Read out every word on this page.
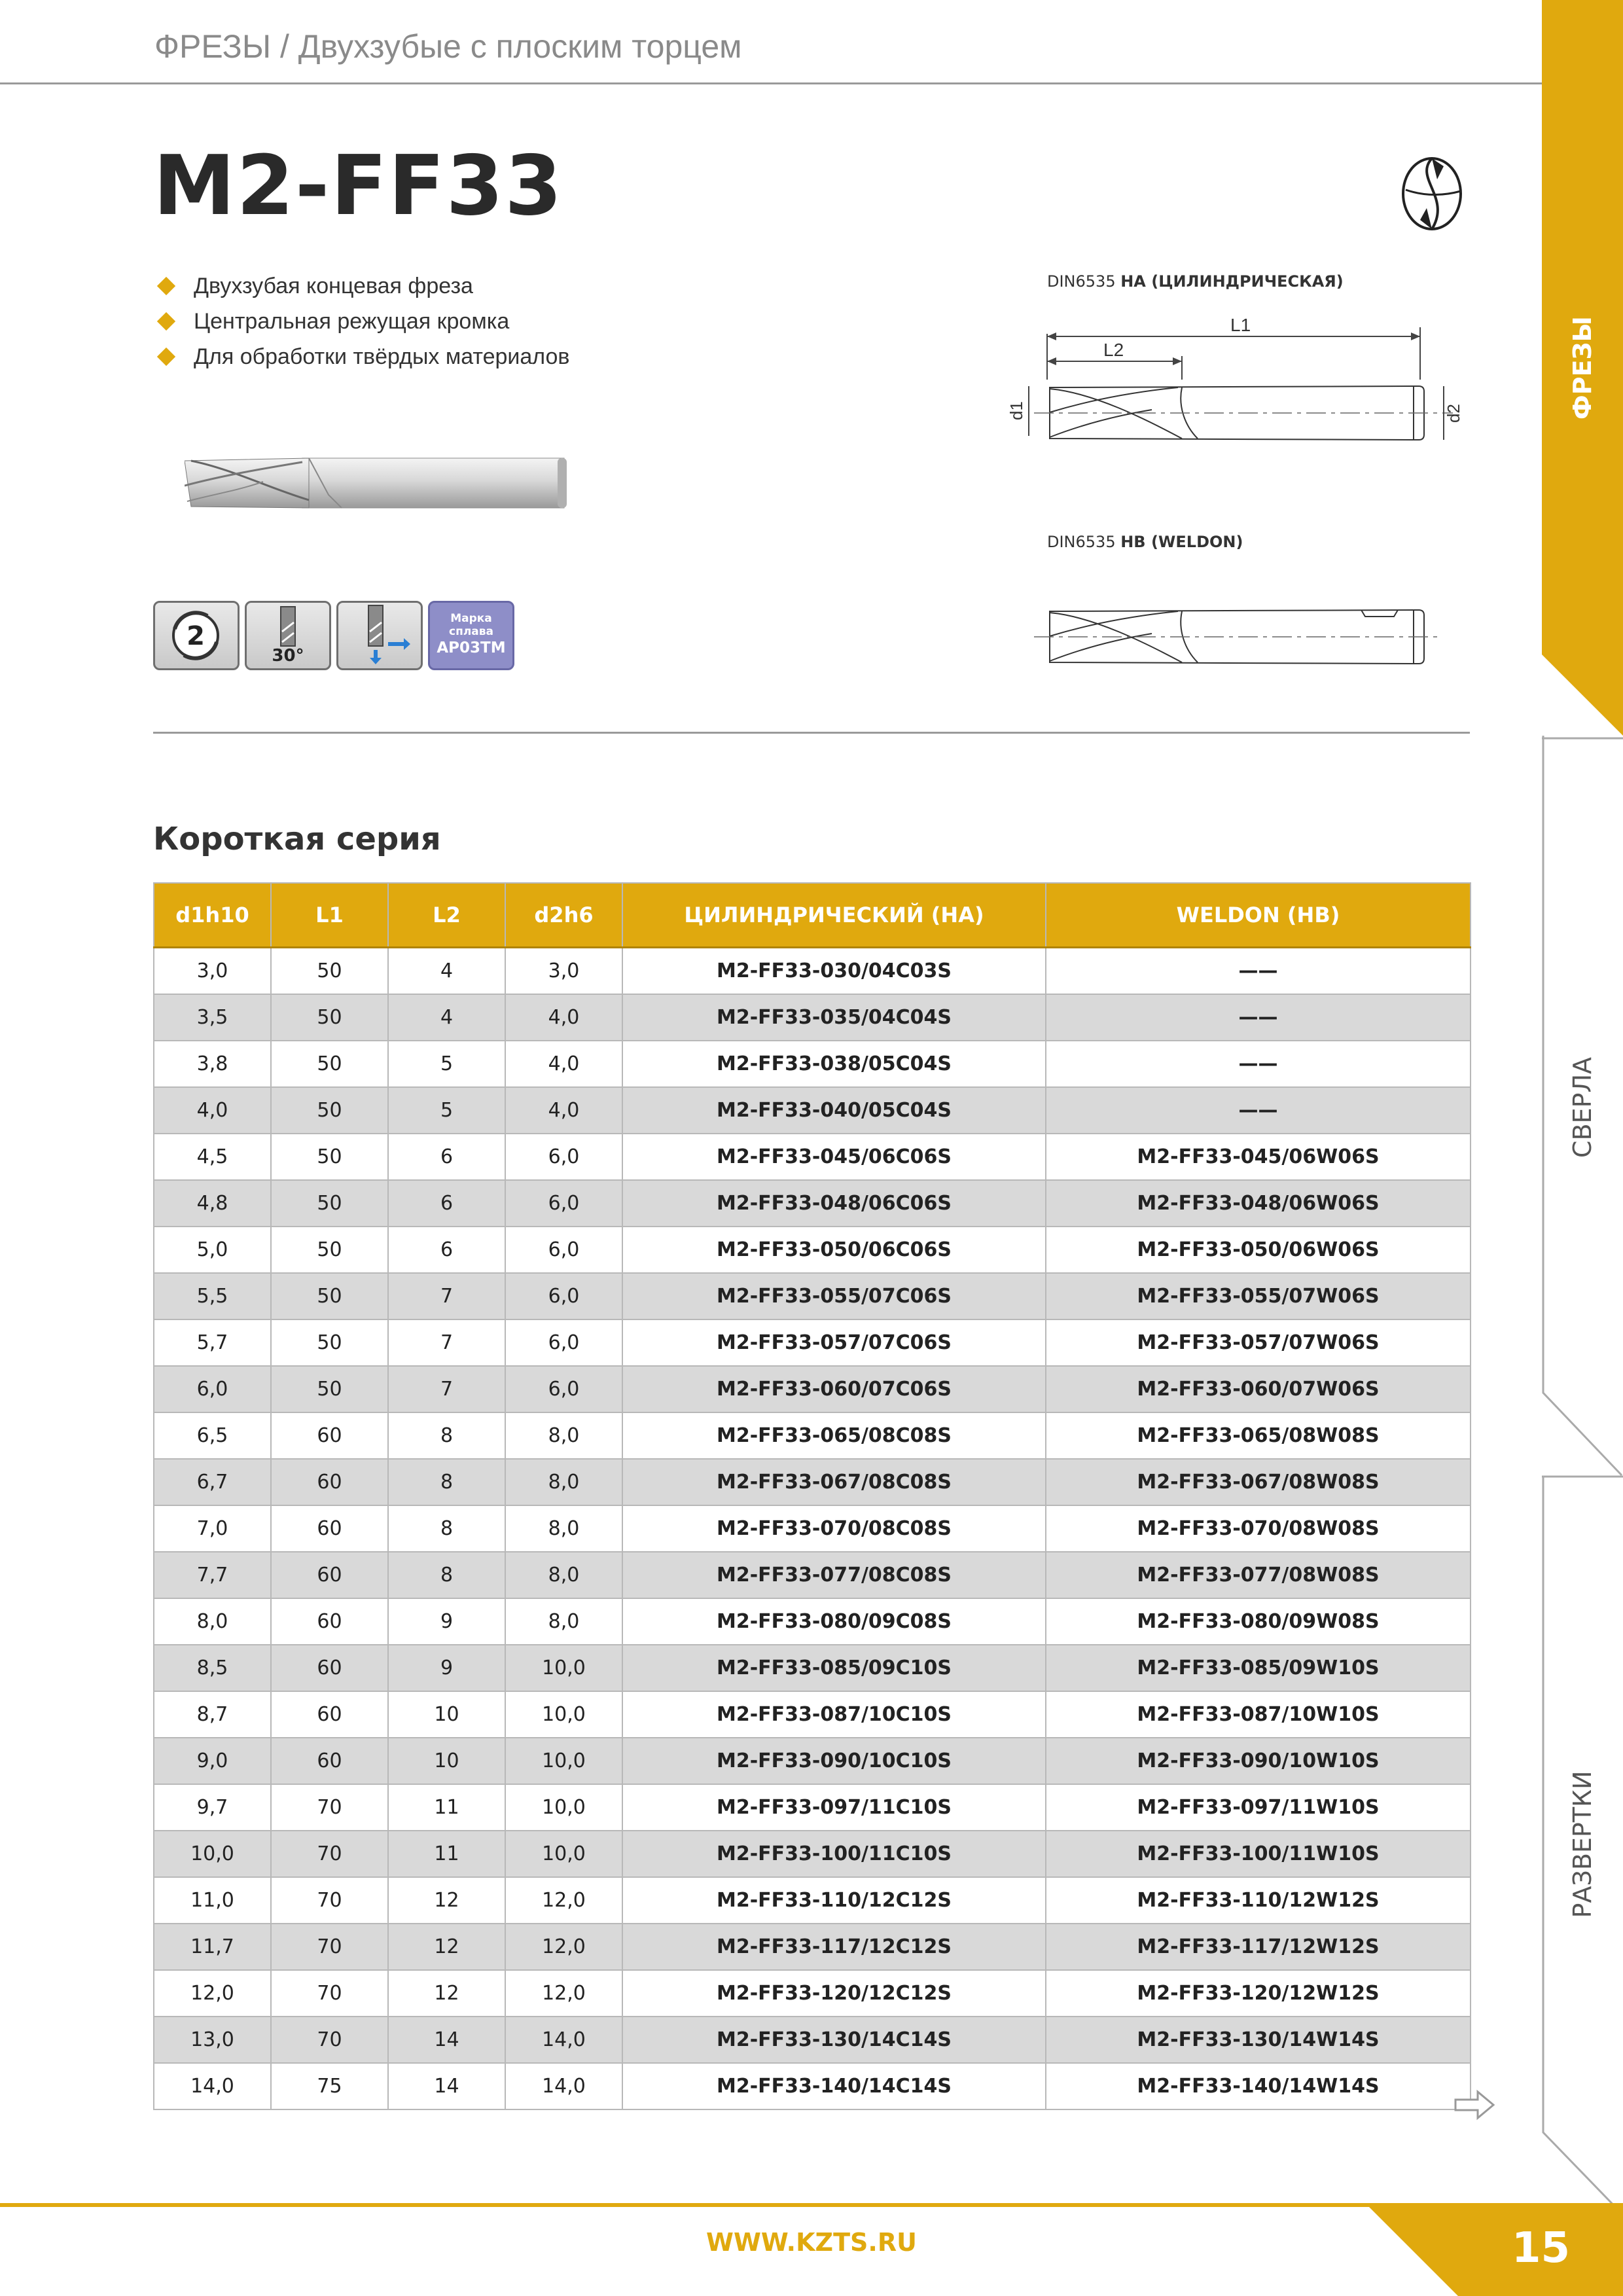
ФРЕЗЫ / Двухзубые с плоским торцем
M2-FF33
Двухзубая концевая фреза
Центральная режущая кромка
Для обработки твёрдых материалов
2
30°
Марка
сплава
AP03TM
DIN6535 HA (ЦИЛИНДРИЧЕСКАЯ)
L1
L2
d1	d2
DIN6535 HB (WELDON)
Короткая серия
d1h10	L1	L2	d2h6	ЦИЛИНДРИЧЕСКИЙ (HA)	WELDON (HB)
3,0	50	4	3,0	M2-FF33-030/04C03S	——
3,5	50	4	4,0	M2-FF33-035/04C04S	——
3,8	50	5	4,0	M2-FF33-038/05C04S	——
4,0	50	5	4,0	M2-FF33-040/05C04S	——
4,5	50	6	6,0	M2-FF33-045/06C06S	M2-FF33-045/06W06S
4,8	50	6	6,0	M2-FF33-048/06C06S	M2-FF33-048/06W06S
5,0	50	6	6,0	M2-FF33-050/06C06S	M2-FF33-050/06W06S
5,5	50	7	6,0	M2-FF33-055/07C06S	M2-FF33-055/07W06S
5,7	50	7	6,0	M2-FF33-057/07C06S	M2-FF33-057/07W06S
6,0	50	7	6,0	M2-FF33-060/07C06S	M2-FF33-060/07W06S
6,5	60	8	8,0	M2-FF33-065/08C08S	M2-FF33-065/08W08S
6,7	60	8	8,0	M2-FF33-067/08C08S	M2-FF33-067/08W08S
7,0	60	8	8,0	M2-FF33-070/08C08S	M2-FF33-070/08W08S
7,7	60	8	8,0	M2-FF33-077/08C08S	M2-FF33-077/08W08S
8,0	60	9	8,0	M2-FF33-080/09C08S	M2-FF33-080/09W08S
8,5	60	9	10,0	M2-FF33-085/09C10S	M2-FF33-085/09W10S
8,7	60	10	10,0	M2-FF33-087/10C10S	M2-FF33-087/10W10S
9,0	60	10	10,0	M2-FF33-090/10C10S	M2-FF33-090/10W10S
9,7	70	11	10,0	M2-FF33-097/11C10S	M2-FF33-097/11W10S
10,0	70	11	10,0	M2-FF33-100/11C10S	M2-FF33-100/11W10S
11,0	70	12	12,0	M2-FF33-110/12C12S	M2-FF33-110/12W12S
11,7	70	12	12,0	M2-FF33-117/12C12S	M2-FF33-117/12W12S
12,0	70	12	12,0	M2-FF33-120/12C12S	M2-FF33-120/12W12S
13,0	70	14	14,0	M2-FF33-130/14C14S	M2-FF33-130/14W14S
14,0	75	14	14,0	M2-FF33-140/14C14S	M2-FF33-140/14W14S
ФРЕЗЫ
СВЕРЛА
РАЗВЕРТКИ
WWW.KZTS.RU	15
